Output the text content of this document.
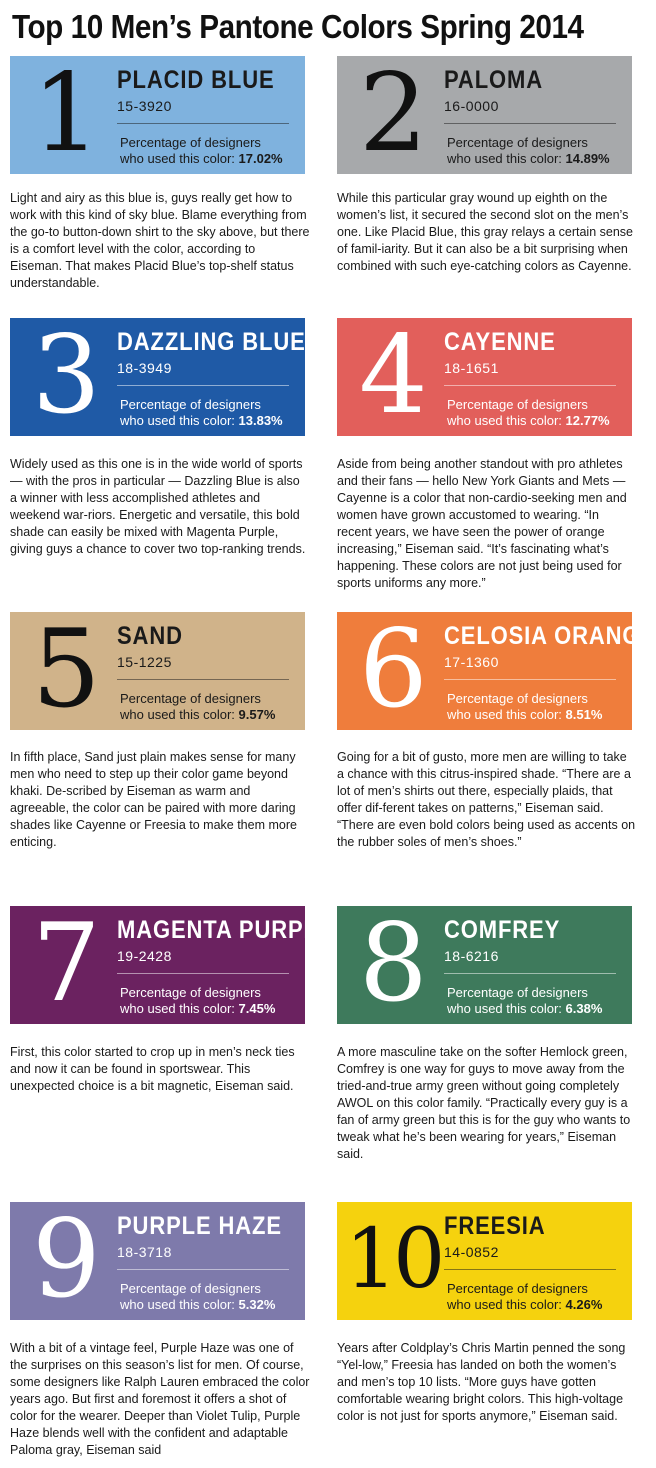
Top 10 Men’s Pantone Colors Spring 2014
1 PLACID BLUE
15-3920
Percentage of designers
who used this color: 17.02%
Light and airy as this blue is, guys really get how to work with this kind of sky blue. Blame everything from the go-to button-down shirt to the sky above, but there is a comfort level with the color, according to Eiseman. That makes Placid Blue’s top-shelf status understandable.
2 PALOMA
16-0000
Percentage of designers
who used this color: 14.89%
While this particular gray wound up eighth on the women’s list, it secured the second slot on the men’s one. Like Placid Blue, this gray relays a certain sense of famil-iarity. But it can also be a bit surprising when combined with such eye-catching colors as Cayenne.
3 DAZZLING BLUE
18-3949
Percentage of designers
who used this color: 13.83%
Widely used as this one is in the wide world of sports — with the pros in particular — Dazzling Blue is also a winner with less accomplished athletes and weekend war-riors. Energetic and versatile, this bold shade can easily be mixed with Magenta Purple, giving guys a chance to cover two top-ranking trends.
4 CAYENNE
18-1651
Percentage of designers
who used this color: 12.77%
Aside from being another standout with pro athletes and their fans — hello New York Giants and Mets — Cayenne is a color that non-cardio-seeking men and women have grown accustomed to wearing. “In recent years, we have seen the power of orange increasing,” Eiseman said. “It’s fascinating what’s happening. These colors are not just being used for sports uniforms any more.”
5 SAND
15-1225
Percentage of designers
who used this color: 9.57%
In fifth place, Sand just plain makes sense for many men who need to step up their color game beyond khaki. De-scribed by Eiseman as warm and agreeable, the color can be paired with more daring shades like Cayenne or Freesia to make them more enticing.
6 CELOSIA ORANGE
17-1360
Percentage of designers
who used this color: 8.51%
Going for a bit of gusto, more men are willing to take a chance with this citrus-inspired shade. “There are a lot of men’s shirts out there, especially plaids, that offer dif-ferent takes on patterns,” Eiseman said. “There are even bold colors being used as accents on the rubber soles of men’s shoes.”
7 MAGENTA PURPLE
19-2428
Percentage of designers
who used this color: 7.45%
First, this color started to crop up in men’s neck ties and now it can be found in sportswear. This unexpected choice is a bit magnetic, Eiseman said.
8 COMFREY
18-6216
Percentage of designers
who used this color: 6.38%
A more masculine take on the softer Hemlock green, Comfrey is one way for guys to move away from the tried-and-true army green without going completely AWOL on this color family. “Practically every guy is a fan of army green but this is for the guy who wants to tweak what he’s been wearing for years,” Eiseman said.
9 PURPLE HAZE
18-3718
Percentage of designers
who used this color: 5.32%
With a bit of a vintage feel, Purple Haze was one of the surprises on this season’s list for men. Of course, some designers like Ralph Lauren embraced the color years ago. But first and foremost it offers a shot of color for the wearer. Deeper than Violet Tulip, Purple Haze blends well with the confident and adaptable Paloma gray, Eiseman said
10 FREESIA
14-0852
Percentage of designers
who used this color: 4.26%
Years after Coldplay’s Chris Martin penned the song “Yel-low,” Freesia has landed on both the women’s and men’s top 10 lists. “More guys have gotten comfortable wearing bright colors. This high-voltage color is not just for sports anymore,” Eiseman said.
